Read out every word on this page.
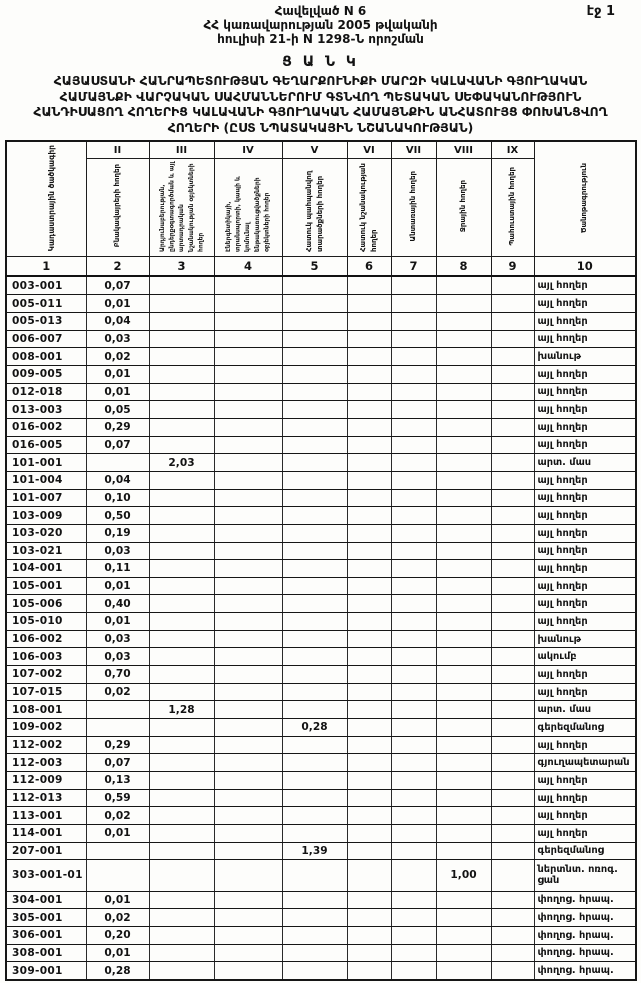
Հավելված N 6
ՀՀ կառավարության 2005 թվականի
հուլիսի 21-ի N 1298-Ն որոշման
էջ 1
Ց Ա Ն Կ
ՀԱՅԱՍՏԱՆԻ ՀԱՆՐԱՊԵՏՈՒԹՅԱՆ ԳԵՂԱՐՔՈՒՆԻՔԻ ՄԱՐԶԻ ԿԱԼԱՎԱՆԻ ԳՅՈՒՂԱԿԱՆ
ՀԱՄԱՅՆՔԻ ՎԱՐՉԱԿԱՆ ՍԱՀՄԱՆՆԵՐՈՒՄ ԳՏՆՎՈՂ ՊԵՏԱԿԱՆ ՍԵՓԱԿԱՆՈՒԹՅՈՒՆ
ՀԱՆԴԻՍԱՑՈՂ ՀՈՂԵՐԻՑ ԿԱԼԱՎԱՆԻ ԳՅՈՒՂԱԿԱՆ ՀԱՄԱՅՆՔԻՆ ԱՆՀԱՏՈՒՅՑ ՓՈԽԱՆՑՎՈՂ
ՀՈՂԵՐԻ (ԸՍՏ ՆՊԱՏԱԿԱՅԻՆ ՆՇԱՆԱԿՈՒԹՅԱՆ)
Կադաստրային ծածկագիր	II	III	IV	V	VI	VII	VIII	IX	Ծանոթագրություն
	Բնակավայրերի հողեր	Արդյունաբերության, ընդերքօգտագործման և այլ արտադրական նշանակության օբյեկտների հողեր	Էներգետիկայի, տրանսպորտի, կապի և կոմունալ ենթակառուցվածքների օբյեկտների հողեր	Հատուկ պահպանվող տարածքների հողեր	Հատուկ նշանակության հողեր	Անտառային հողեր	Ջրային հողեր	Պահուստային հողեր	
1	2	3	4	5	6	7	8	9	10
003-001	0,07								այլ հողեր
005-011	0,01								այլ հողեր
005-013	0,04								այլ հողեր
006-007	0,03								այլ հողեր
008-001	0,02								խանութ
009-005	0,01								այլ հողեր
012-018	0,01								այլ հողեր
013-003	0,05								այլ հողեր
016-002	0,29								այլ հողեր
016-005	0,07								այլ հողեր
101-001		2,03							արտ. մաս
101-004	0,04								այլ հողեր
101-007	0,10								այլ հողեր
103-009	0,50								այլ հողեր
103-020	0,19								այլ հողեր
103-021	0,03								այլ հողեր
104-001	0,11								այլ հողեր
105-001	0,01								այլ հողեր
105-006	0,40								այլ հողեր
105-010	0,01								այլ հողեր
106-002	0,03								խանութ
106-003	0,03								ակումբ
107-002	0,70								այլ հողեր
107-015	0,02								այլ հողեր
108-001		1,28							արտ. մաս
109-002				0,28					գերեզմանոց
112-002	0,29								այլ հողեր
112-003	0,07								գյուղապետարան
112-009	0,13								այլ հողեր
112-013	0,59								այլ հողեր
113-001	0,02								այլ հողեր
114-001	0,01								այլ հողեր
207-001				1,39					գերեզմանոց
303-001-01							1,00		ներտնտ. ոռոգ. ցան
304-001	0,01								փողոց. հրապ.
305-001	0,02								փողոց. հրապ.
306-001	0,20								փողոց. հրապ.
308-001	0,01								փողոց. հրապ.
309-001	0,28								փողոց. հրապ.
